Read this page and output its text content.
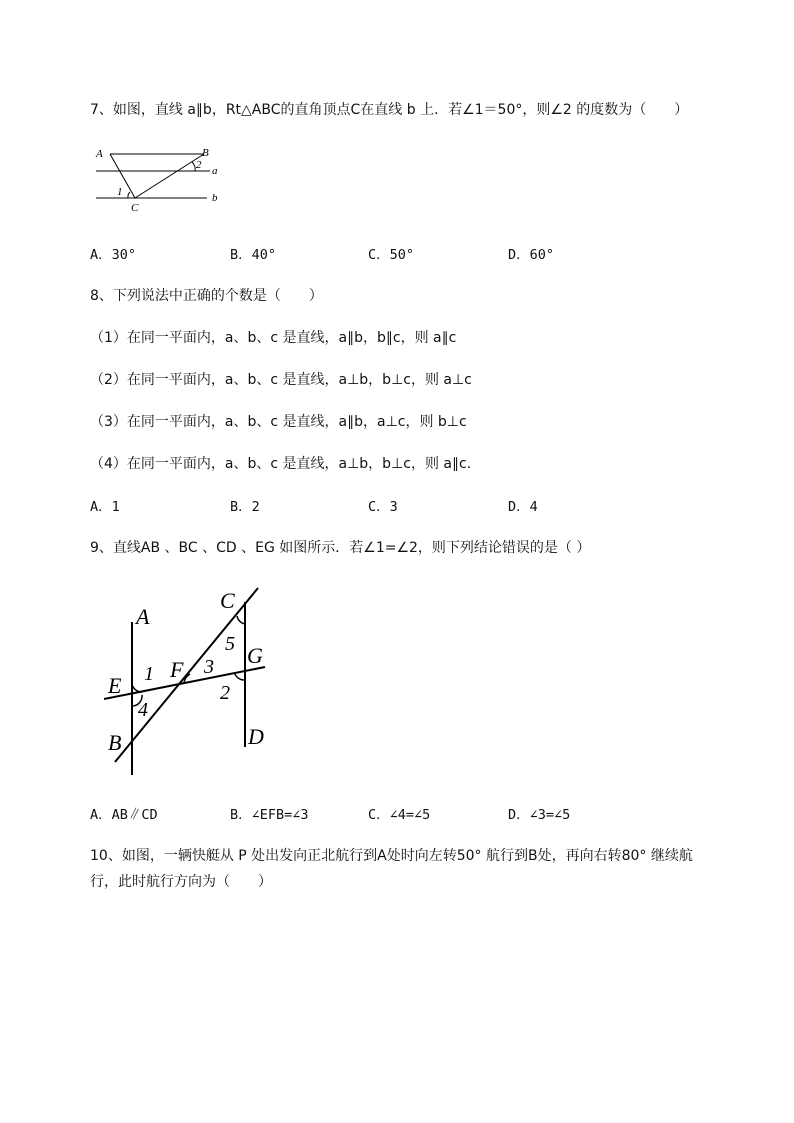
7、如图，直线 a∥b，Rt△ABC的直角顶点C在直线 b 上．若∠1＝50°，则∠2 的度数为（　　）
A	B
a
2
1	b
C
A．30°	B．40°	C．50°	D．60°
8、下列说法中正确的个数是（　　）
（1）在同一平面内，a、b、c 是直线，a∥b，b∥c，则 a∥c
（2）在同一平面内，a、b、c 是直线，a⊥b，b⊥c，则 a⊥c
（3）在同一平面内，a、b、c 是直线，a∥b，a⊥c，则 b⊥c
（4）在同一平面内，a、b、c 是直线，a⊥b，b⊥c，则 a∥c.
A．1	B．2	C．3	D．4
9、直线AB 、BC 、CD 、EG 如图所示．若∠1=∠2，则下列结论错误的是（ ）
A
C
5 G
E 1 F 3
2
4
B	D
A．AB∥CD	B．∠EFB=∠3	C．∠4=∠5	D．∠3=∠5
10、如图，一辆快艇从 P 处出发向正北航行到A处时向左转50° 航行到B处，再向右转80° 继续航
行，此时航行方向为（　　）
